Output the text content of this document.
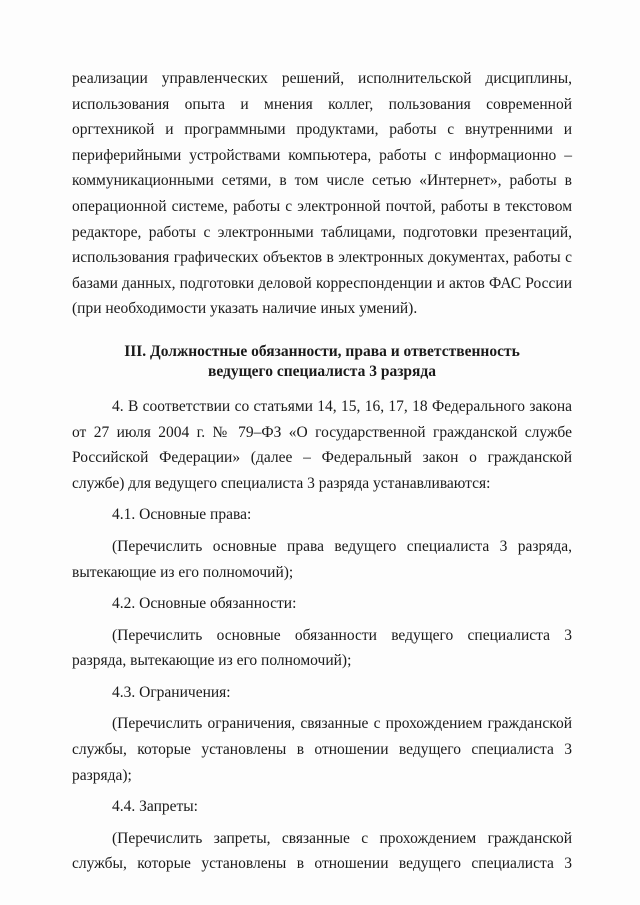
реализации управленческих решений, исполнительской дисциплины, использования опыта и мнения коллег, пользования современной оргтехникой и программными продуктами, работы с внутренними и периферийными устройствами компьютера, работы с информационно – коммуникационными сетями, в том числе сетью «Интернет», работы в операционной системе, работы с электронной почтой, работы в текстовом редакторе, работы с электронными таблицами, подготовки презентаций, использования графических объектов в электронных документах, работы с базами данных, подготовки деловой корреспонденции и актов ФАС России (при необходимости указать наличие иных умений).

III. Должностные обязанности, права и ответственность
ведущего специалиста 3 разряда

4. В соответствии со статьями 14, 15, 16, 17, 18 Федерального закона от 27 июля 2004 г. № 79–ФЗ «О государственной гражданской службе Российской Федерации» (далее – Федеральный закон о гражданской службе) для ведущего специалиста 3 разряда устанавливаются:

4.1. Основные права:

(Перечислить основные права ведущего специалиста 3 разряда, вытекающие из его полномочий);

4.2. Основные обязанности:

(Перечислить основные обязанности ведущего специалиста 3 разряда, вытекающие из его полномочий);

4.3. Ограничения:

(Перечислить ограничения, связанные с прохождением гражданской службы, которые установлены в отношении ведущего специалиста 3 разряда);

4.4. Запреты:

(Перечислить запреты, связанные с прохождением гражданской службы, которые установлены в отношении ведущего специалиста 3
